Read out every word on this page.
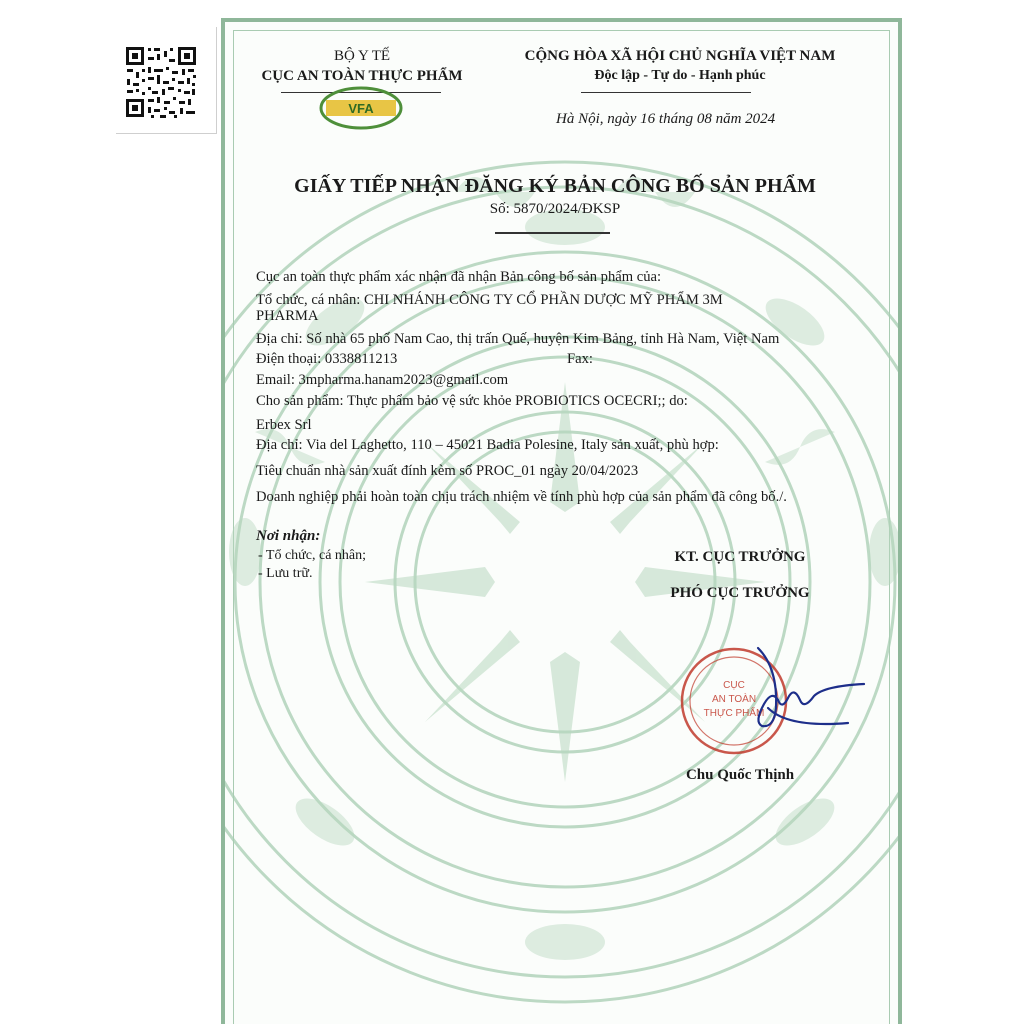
BỘ Y TẾ
CỤC AN TOÀN THỰC PHẨM
VFA
CỘNG HÒA XÃ HỘI CHỦ NGHĨA VIỆT NAM
Độc lập - Tự do - Hạnh phúc
Hà Nội, ngày 16 tháng 08 năm 2024
GIẤY TIẾP NHẬN ĐĂNG KÝ BẢN CÔNG BỐ SẢN PHẨM
Số: 5870/2024/ĐKSP
Cục an toàn thực phẩm xác nhận đã nhận Bản công bố sản phẩm của:
Tổ chức, cá nhân: CHI NHÁNH CÔNG TY CỔ PHẦN DƯỢC MỸ PHẨM 3M
PHARMA
Địa chỉ: Số nhà 65 phố Nam Cao, thị trấn Quế, huyện Kim Bảng, tỉnh Hà Nam, Việt Nam
Điện thoại: 0338811213	Fax:
Email: 3mpharma.hanam2023@gmail.com
Cho sản phẩm: Thực phẩm bảo vệ sức khỏe PROBIOTICS OCECRI;; do:
Erbex Srl
Địa chỉ: Via del Laghetto, 110 – 45021 Badia Polesine, Italy sản xuất, phù hợp:
Tiêu chuẩn nhà sản xuất đính kèm số PROC_01 ngày 20/04/2023
Doanh nghiệp phải hoàn toàn chịu trách nhiệm về tính phù hợp của sản phẩm đã công bố./.
Nơi nhận:
- Tổ chức, cá nhân;
- Lưu trữ.
KT. CỤC TRƯỞNG
PHÓ CỤC TRƯỞNG
CỤC
AN TOÀN
THỰC PHẨM
Chu Quốc Thịnh
